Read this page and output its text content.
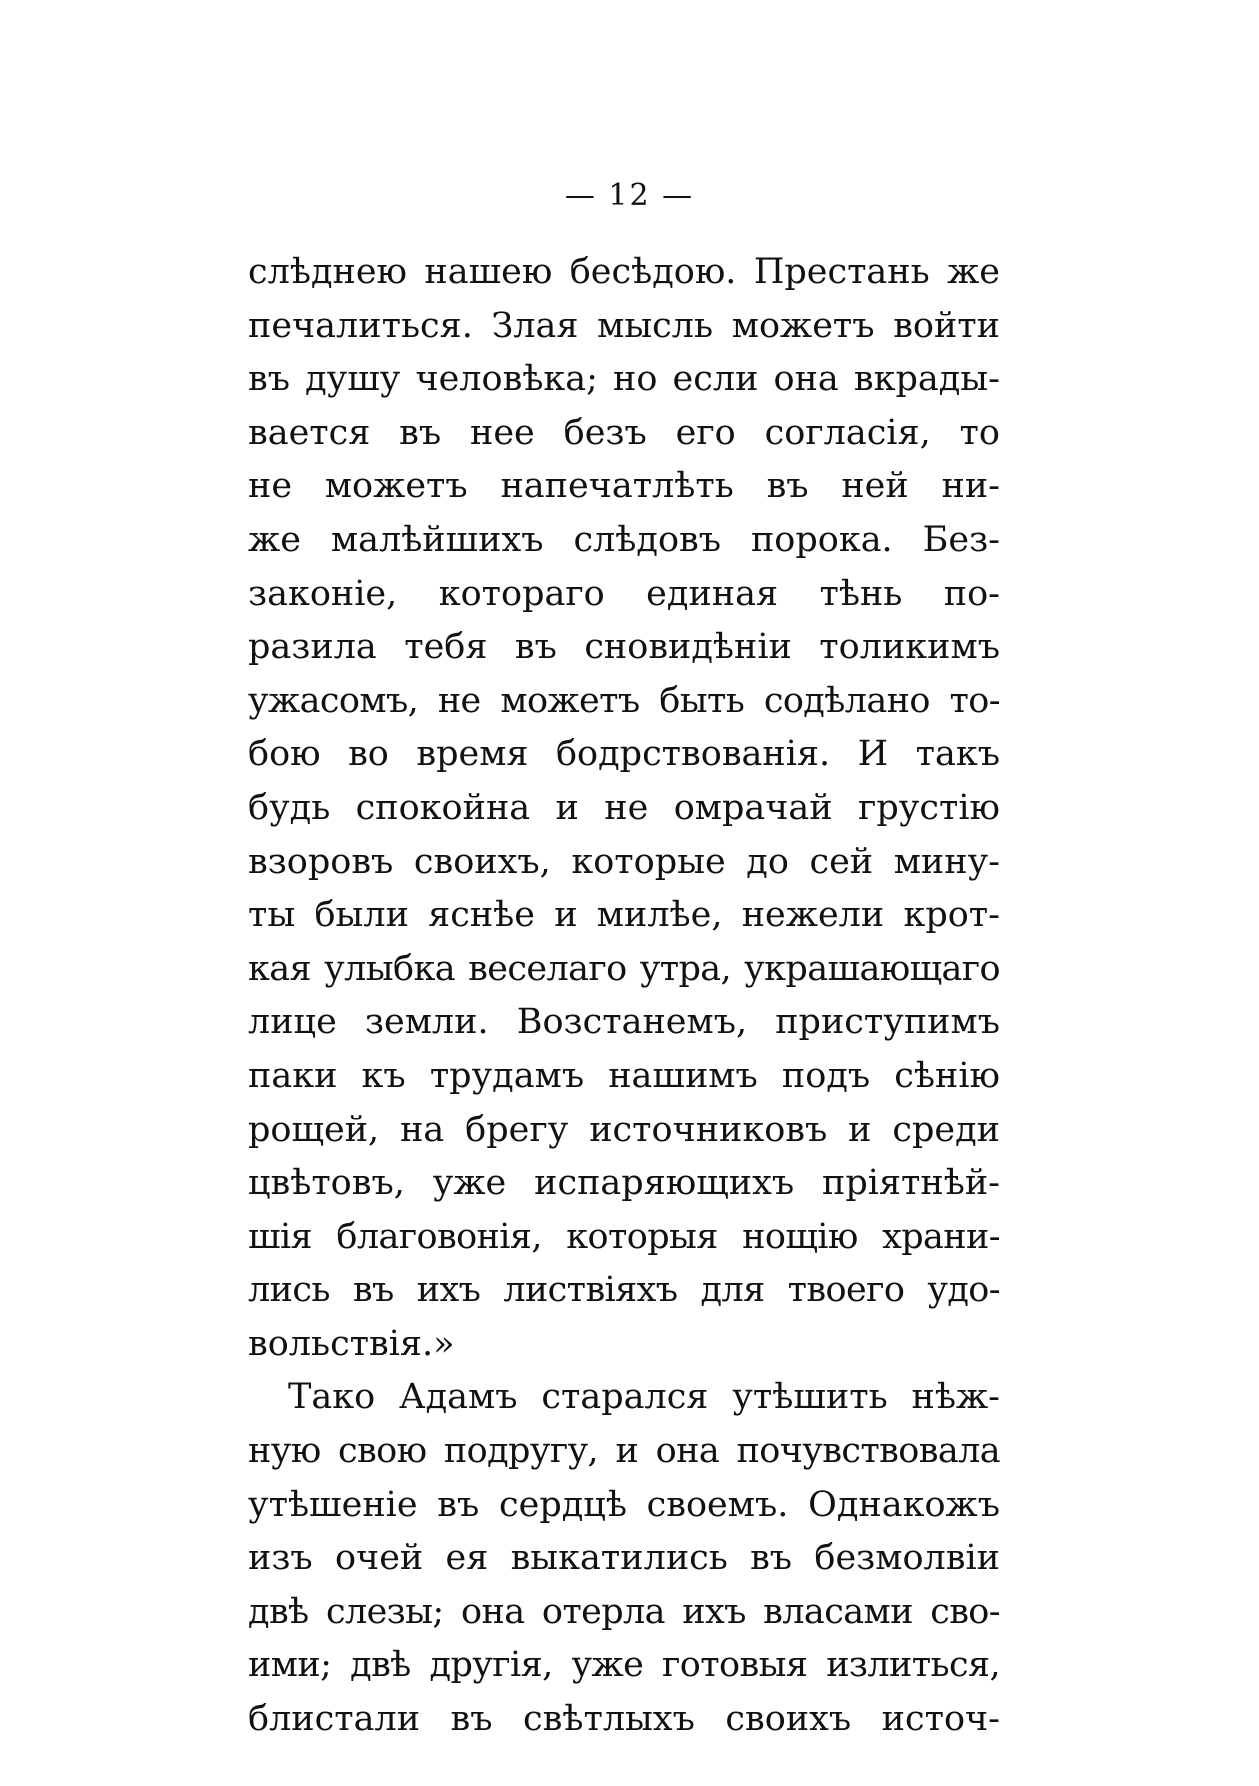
— 12 —
слѣднею нашею бесѣдою. Престань же
печалиться. Злая мысль можетъ войти
въ душу человѣка; но если она вкрады-
вается въ нее безъ его согласія, то
не можетъ напечатлѣть въ ней ни-
же малѣйшихъ слѣдовъ порока. Без-
законіе, котораго единая тѣнь по-
разила тебя въ сновидѣніи толикимъ
ужасомъ, не можетъ быть содѣлано то-
бою во время бодрствованія. И такъ
будь спокойна и не омрачай грустію
взоровъ своихъ, которые до сей мину-
ты были яснѣе и милѣе, нежели крот-
кая улыбка веселаго утра, украшающаго
лице земли. Возстанемъ, приступимъ
паки къ трудамъ нашимъ подъ сѣнію
рощей, на брегу источниковъ и среди
цвѣтовъ, уже испаряющихъ пріятнѣй-
шія благовонія, которыя нощію храни-
лись въ ихъ листвіяхъ для твоего удо-
вольствія.»
Тако Адамъ старался утѣшить нѣж-
ную свою подругу, и она почувствовала
утѣшеніе въ сердцѣ своемъ. Однакожъ
изъ очей ея выкатились въ безмолвіи
двѣ слезы; она отерла ихъ власами сво-
ими; двѣ другія, уже готовыя излиться,
блистали въ свѣтлыхъ своихъ источ-
